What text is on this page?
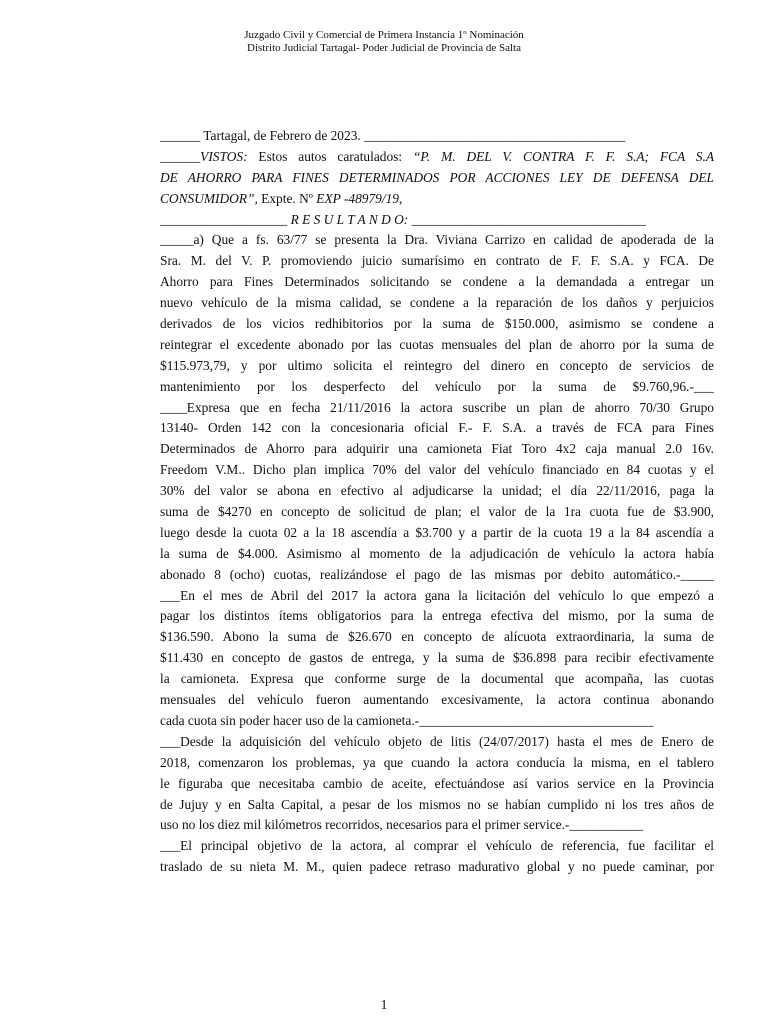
Juzgado Civil y Comercial de Primera Instancia 1º Nominación
Distrito Judicial Tartagal- Poder Judicial de Provincia de Salta
______ Tartagal, de Febrero de 2023. _______________________________________
______VISTOS: Estos autos caratulados: “P. M. DEL V. CONTRA F. F. S.A; FCA S.A
DE AHORRO PARA FINES DETERMINADOS POR ACCIONES LEY DE DEFENSA DEL
CONSUMIDOR”, Expte. Nº EXP -48979/19,
___________________ R E S U L T A N D O: ___________________________________
_____a) Que a fs. 63/77 se presenta la Dra. Viviana Carrizo en calidad de apoderada de la
Sra. M. del V. P. promoviendo juicio sumarísimo en contrato de F. F. S.A. y FCA. De
Ahorro para Fines Determinados solicitando se condene a la demandada a entregar un
nuevo vehículo de la misma calidad, se condene a la reparación de los daños y perjuicios
derivados de los vicios redhibitorios por la suma de $150.000, asimismo se condene a
reintegrar el excedente abonado por las cuotas mensuales del plan de ahorro por la suma de
$115.973,79, y por ultimo solicita el reintegro del dinero en concepto de servicios de
mantenimiento por los desperfecto del vehículo por la suma de $9.760,96.-___
____Expresa que en fecha 21/11/2016 la actora suscribe un plan de ahorro 70/30 Grupo
13140- Orden 142 con la concesionaria oficial F.- F. S.A. a través de FCA para Fines
Determinados de Ahorro para adquirir una camioneta Fiat Toro 4x2 caja manual 2.0 16v.
Freedom V.M.. Dicho plan implica 70% del valor del vehículo financiado en 84 cuotas y el
30% del valor se abona en efectivo al adjudicarse la unidad; el día 22/11/2016, paga la
suma de $4270 en concepto de solicitud de plan; el valor de la 1ra cuota fue de $3.900,
luego desde la cuota 02 a la 18 ascendía a $3.700 y a partir de la cuota 19 a la 84 ascendía a
la suma de $4.000. Asimismo al momento de la adjudicación de vehículo la actora había
abonado 8 (ocho) cuotas, realizándose el pago de las mismas por debito automático.-_____
___En el mes de Abril del 2017 la actora gana la licitación del vehículo lo que empezó a
pagar los distintos ítems obligatorios para la entrega efectiva del mismo, por la suma de
$136.590. Abono la suma de $26.670 en concepto de alícuota extraordinaria, la suma de
$11.430 en concepto de gastos de entrega, y la suma de $36.898 para recibir efectivamente
la camioneta. Expresa que conforme surge de la documental que acompaña, las cuotas
mensuales del vehículo fueron aumentando excesivamente, la actora continua abonando
cada cuota sin poder hacer uso de la camioneta.-___________________________________
___Desde la adquisición del vehículo objeto de litis (24/07/2017) hasta el mes de Enero de
2018, comenzaron los problemas, ya que cuando la actora conducía la misma, en el tablero
le figuraba que necesitaba cambio de aceite, efectuándose así varios service en la Provincia
de Jujuy y en Salta Capital, a pesar de los mismos no se habían cumplido ni los tres años de
uso no los diez mil kilómetros recorridos, necesarios para el primer service.-___________
___El principal objetivo de la actora, al comprar el vehículo de referencia, fue facilitar el
traslado de su nieta M. M., quien padece retraso madurativo global y no puede caminar, por
1
